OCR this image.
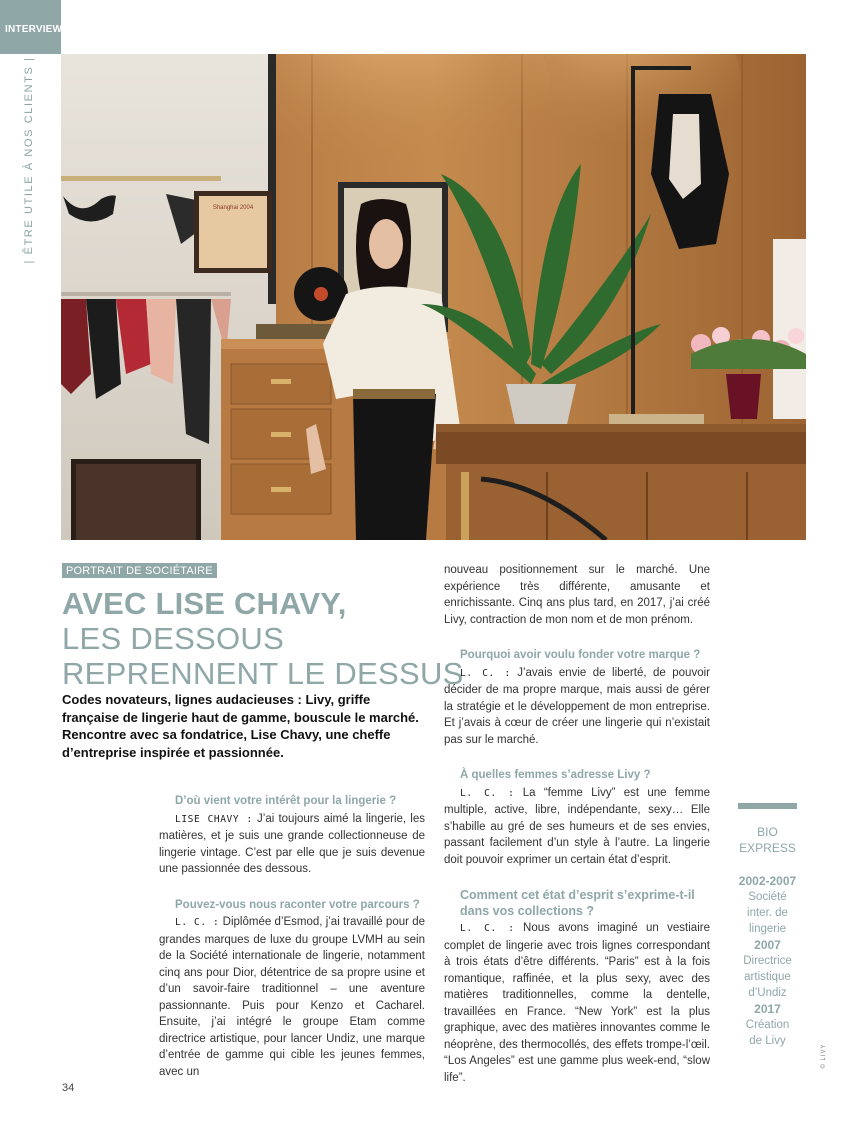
INTERVIEW
| ÊTRE UTILE À NOS CLIENTS |	Shanghai 2004
PORTRAIT DE SOCIÉTAIRE
AVEC LISE CHAVY,
LES DESSOUS
REPRENNENT LE DESSUS
Codes novateurs, lignes audacieuses : Livy, griffe française de lingerie haut de gamme, bouscule le marché. Rencontre avec sa fondatrice, Lise Chavy, une cheffe d’entreprise inspirée et passionnée.
D’où vient votre intérêt pour la lingerie ?

LISE CHAVY : J’ai toujours aimé la lingerie, les matières, et je suis une grande collectionneuse de lingerie vintage. C’est par elle que je suis devenue une passionnée des dessous.

Pouvez-vous nous raconter votre parcours ?

L. C. : Diplômée d’Esmod, j’ai travaillé pour de grandes marques de luxe du groupe LVMH au sein de la Société internationale de lingerie, notamment cinq ans pour Dior, détentrice de sa propre usine et d’un savoir-faire traditionnel – une aventure passionnante. Puis pour Kenzo et Cacharel. Ensuite, j’ai intégré le groupe Etam comme directrice artistique, pour lancer Undiz, une marque d’entrée de gamme qui cible les jeunes femmes, avec un

nouveau positionnement sur le marché. Une expérience très différente, amusante et enrichissante. Cinq ans plus tard, en 2017, j’ai créé Livy, contraction de mon nom et de mon prénom.

Pourquoi avoir voulu fonder votre marque ?

L. C. : J’avais envie de liberté, de pouvoir décider de ma propre marque, mais aussi de gérer la stratégie et le développement de mon entreprise. Et j’avais à cœur de créer une lingerie qui n’existait pas sur le marché.

À quelles femmes s’adresse Livy ?

L. C. : La “femme Livy” est une femme multiple, active, libre, indépendante, sexy… Elle s’habille au gré de ses humeurs et de ses envies, passant facilement d’un style à l’autre. La lingerie doit pouvoir exprimer un certain état d’esprit.

Comment cet état d’esprit s’exprime-t-il dans vos collections ?

L. C. : Nous avons imaginé un vestiaire complet de lingerie avec trois lignes correspondant à trois états d’être différents. “Paris” est à la fois romantique, raffinée, et la plus sexy, avec des matières traditionnelles, comme la dentelle, travaillées en France. “New York” est la plus graphique, avec des matières innovantes comme le néoprène, des thermocollés, des effets trompe-l’œil. “Los Angeles” est une gamme plus week-end, “slow life”.

BIO
EXPRESS
2002-2007
Société
inter. de
lingerie
2007
Directrice
artistique
d’Undiz
2017
Création
de Livy
© LIVY
34
